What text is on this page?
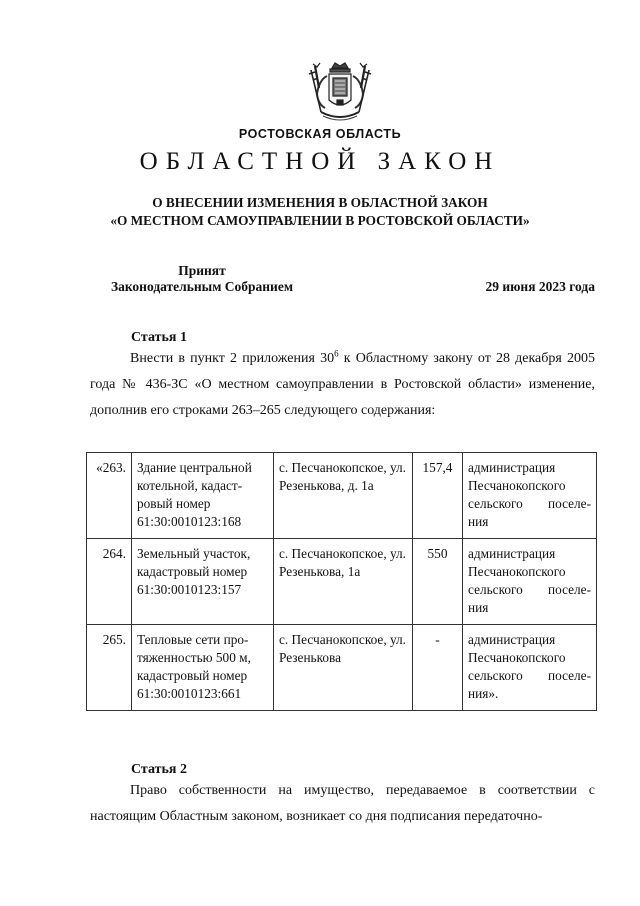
РОСТОВСКАЯ ОБЛАСТЬ
ОБЛАСТНОЙ ЗАКОН
О ВНЕСЕНИИ ИЗМЕНЕНИЯ В ОБЛАСТНОЙ ЗАКОН
«О МЕСТНОМ САМОУПРАВЛЕНИИ В РОСТОВСКОЙ ОБЛАСТИ»
Принят
Законодательным Собранием	29 июня 2023 года
Статья 1

Внести в пункт 2 приложения $30^6$ к Областному закону от 28 декабря 2005 года № 436-ЗС «О местном самоуправлении в Ростовской области» изменение, дополнив его строками 263–265 следующего содержания:

«263.	Здание центральной котельной, кадаст-ровый номер 61:30:0010123:168	с. Песчанокопское, ул. Резенькова, д. 1а	157,4	администрация
Песчанокопского
сельского поселе-
ния

264.	Земельный участок, кадастровый номер 61:30:0010123:157	с. Песчанокопское, ул. Резенькова, 1а	550	администрация
Песчанокопского
сельского поселе-
ния

265.	Тепловые сети про-тяженностью 500 м, кадастровый номер 61:30:0010123:661	с. Песчанокопское, ул. Резенькова	-	администрация
Песчанокопского
сельского поселе-
ния».
Статья 2

Право собственности на имущество, передаваемое в соответствии с настоящим Областным законом, возникает со дня подписания передаточно-
